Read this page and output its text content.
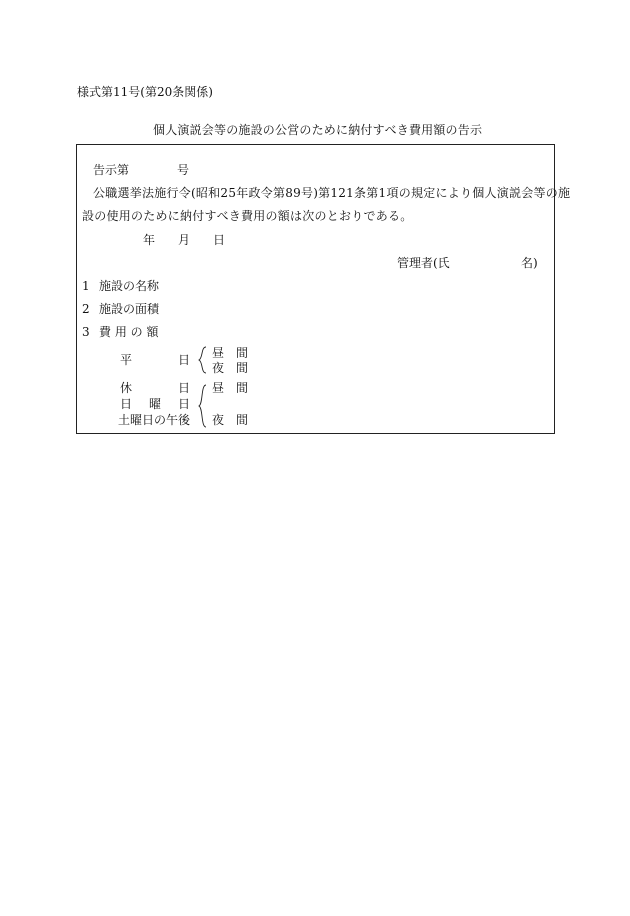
様式第11号(第20条関係)
個人演説会等の施設の公営のために納付すべき費用額の告示
告示第	号
公職選挙法施行令(昭和25年政令第89号)第121条第1項の規定により個人演説会等の施
設の使用のために納付すべき費用の額は次のとおりである。
年 月 日
管理者(氏	名)
1 施設の名称
2 施設の面積
3 費 用 の 額
平	日 昼 間
夜 間
休	日
日 曜 日
土曜日の午後
昼 間
夜 間
